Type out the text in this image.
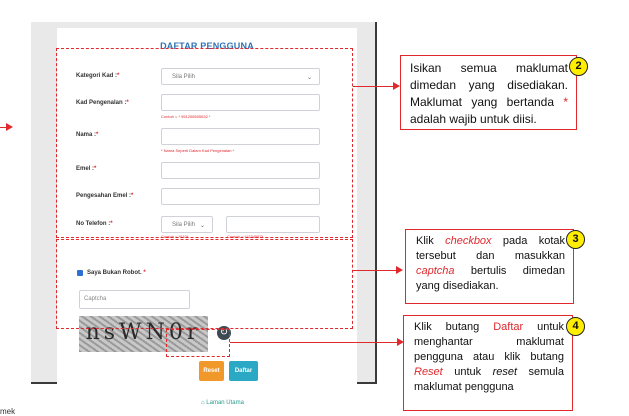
DAFTAR PENGGUNA
Kategori Kad :*	Sila Pilih	⌄
Kad Pengenalan :*
Contoh = * 951208505532 *
Nama :*
* Nama Seperti Dalam Kad Pengenalan *
Emel :*
Pengesahan Emel :*
No Telefon :*	Sila Pilih ⌄
Contoh = *010*	Contoh = *1234567*
Saya Bukan Robot. *
Captcha
nsWN0r	↻
Reset	Daftar
⌂ Laman Utama
Isikan semua maklumat dimedan yang disediakan. Maklumat yang bertanda * adalah wajib untuk diisi.
2
Klik checkbox pada kotak tersebut dan masukkan captcha bertulis dimedan yang disediakan.
3
Klik butang Daftar untuk menghantar maklumat pengguna atau klik butang Reset untuk reset semula maklumat pengguna
4
mek
